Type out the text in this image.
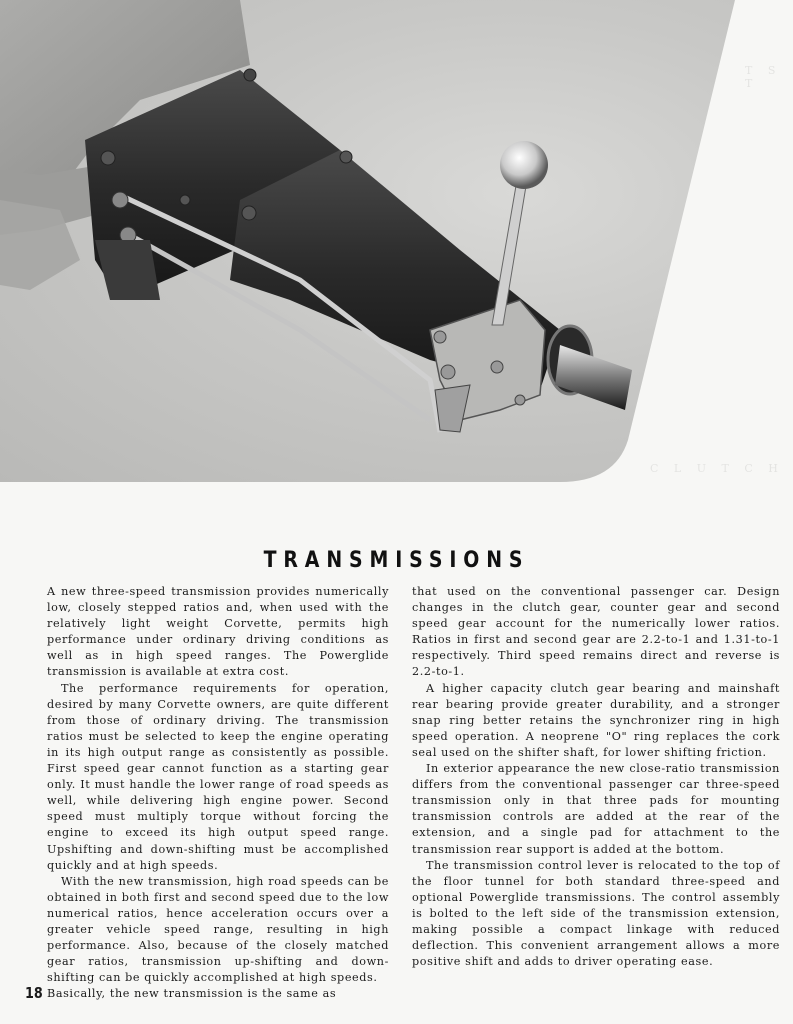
T S T
C L U T C H
TRANSMISSIONS

A new three-speed transmission provides numerically low, closely stepped ratios and, when used with the relatively light weight Corvette, permits high performance under ordinary driving conditions as well as in high speed ranges. The Powerglide transmission is available at extra cost.

The performance requirements for operation, desired by many Corvette owners, are quite different from those of ordinary driving. The transmission ratios must be selected to keep the engine operating in its high output range as consistently as possible. First speed gear cannot function as a starting gear only. It must handle the lower range of road speeds as well, while delivering high engine power. Second speed must multiply torque without forcing the engine to exceed its high output speed range. Upshifting and down-shifting must be accomplished quickly and at high speeds.

With the new transmission, high road speeds can be obtained in both first and second speed due to the low numerical ratios, hence acceleration occurs over a greater vehicle speed range, resulting in high performance. Also, because of the closely matched gear ratios, transmission up-shifting and down-shifting can be quickly accomplished at high speeds.

Basically, the new transmission is the same as

that used on the conventional passenger car. Design changes in the clutch gear, counter gear and second speed gear account for the numerically lower ratios. Ratios in first and second gear are 2.2-to-1 and 1.31-to-1 respectively. Third speed remains direct and reverse is 2.2-to-1.

A higher capacity clutch gear bearing and mainshaft rear bearing provide greater durability, and a stronger snap ring better retains the synchronizer ring in high speed operation. A neoprene "O" ring replaces the cork seal used on the shifter shaft, for lower shifting friction.

In exterior appearance the new close-ratio transmission differs from the conventional passenger car three-speed transmission only in that three pads for mounting transmission controls are added at the rear of the extension, and a single pad for attachment to the transmission rear support is added at the bottom.

The transmission control lever is relocated to the top of the floor tunnel for both standard three-speed and optional Powerglide transmissions. The control assembly is bolted to the left side of the transmission extension, making possible a compact linkage with reduced deflection. This convenient arrangement allows a more positive shift and adds to driver operating ease.

18
